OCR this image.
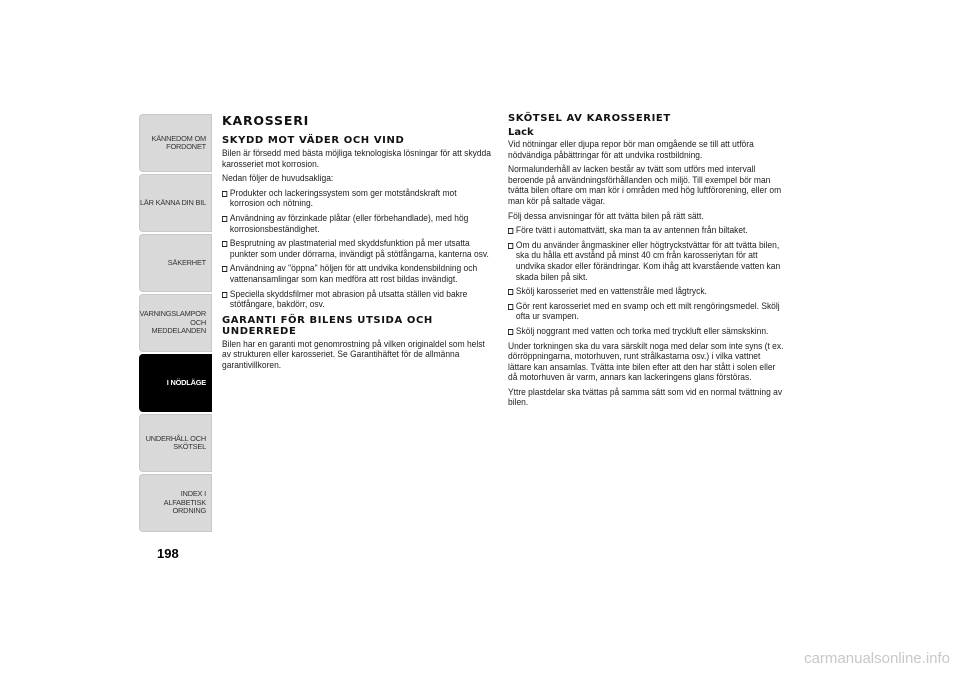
KÄNNEDOM OM
FORDONET
LÄR KÄNNA DIN BIL
SÄKERHET
VARNINGSLAMPOR
OCH MEDDELANDEN
I NÖDLÄGE
UNDERHÅLL OCH
SKÖTSEL
INDEX I ALFABETISK
ORDNING
198
KAROSSERI
SKYDD MOT VÄDER OCH VIND

Bilen är försedd med bästa möjliga teknologiska lösningar för att skydda karosseriet mot korrosion.

Nedan följer de huvudsakliga:

Produkter och lackeringssystem som ger motståndskraft mot korrosion och nötning.
Användning av förzinkade plåtar (eller förbehandlade), med hög korrosionsbeständighet.
Besprutning av plastmaterial med skyddsfunktion på mer utsatta punkter som under dörrarna, invändigt på stötfångarna, kanterna osv.
Användning av "öppna" höljen för att undvika kondensbildning och vattenansamlingar som kan medföra att rost bildas invändigt.
Speciella skyddsfilmer mot abrasion på utsatta ställen vid bakre stötfångare, bakdörr, osv.
GARANTI FÖR BILENS UTSIDA OCH UNDERREDE

Bilen har en garanti mot genomrostning på vilken originaldel som helst av strukturen eller karosseriet. Se Garantihäftet för de allmänna garantivillkoren.

SKÖTSEL AV KAROSSERIET
Lack

Vid nötningar eller djupa repor bör man omgående se till att utföra nödvändiga påbättringar för att undvika rostbildning.

Normalunderhåll av lacken består av tvätt som utförs med intervall beroende på användningsförhållanden och miljö. Till exempel bör man tvätta bilen oftare om man kör i områden med hög luftförorening, eller om man kör på saltade vägar.

Följ dessa anvisningar för att tvätta bilen på rätt sätt.

Före tvätt i automattvätt, ska man ta av antennen från biltaket.
Om du använder ångmaskiner eller högtryckstvättar för att tvätta bilen, ska du hålla ett avstånd på minst 40 cm från karosseriytan för att undvika skador eller förändringar. Kom ihåg att kvarstående vatten kan skada bilen på sikt.
Skölj karosseriet med en vattenstråle med lågtryck.
Gör rent karosseriet med en svamp och ett milt rengöringsmedel. Skölj ofta ur svampen.
Skölj noggrant med vatten och torka med tryckluft eller sämskskinn.

Under torkningen ska du vara särskilt noga med delar som inte syns (t ex. dörröppningarna, motorhuven, runt strålkastarna osv.) i vilka vattnet lättare kan ansamlas. Tvätta inte bilen efter att den har stått i solen eller då motorhuven är varm, annars kan lackeringens glans förstöras.

Yttre plastdelar ska tvättas på samma sätt som vid en normal tvättning av bilen.

carmanualsonline.info
